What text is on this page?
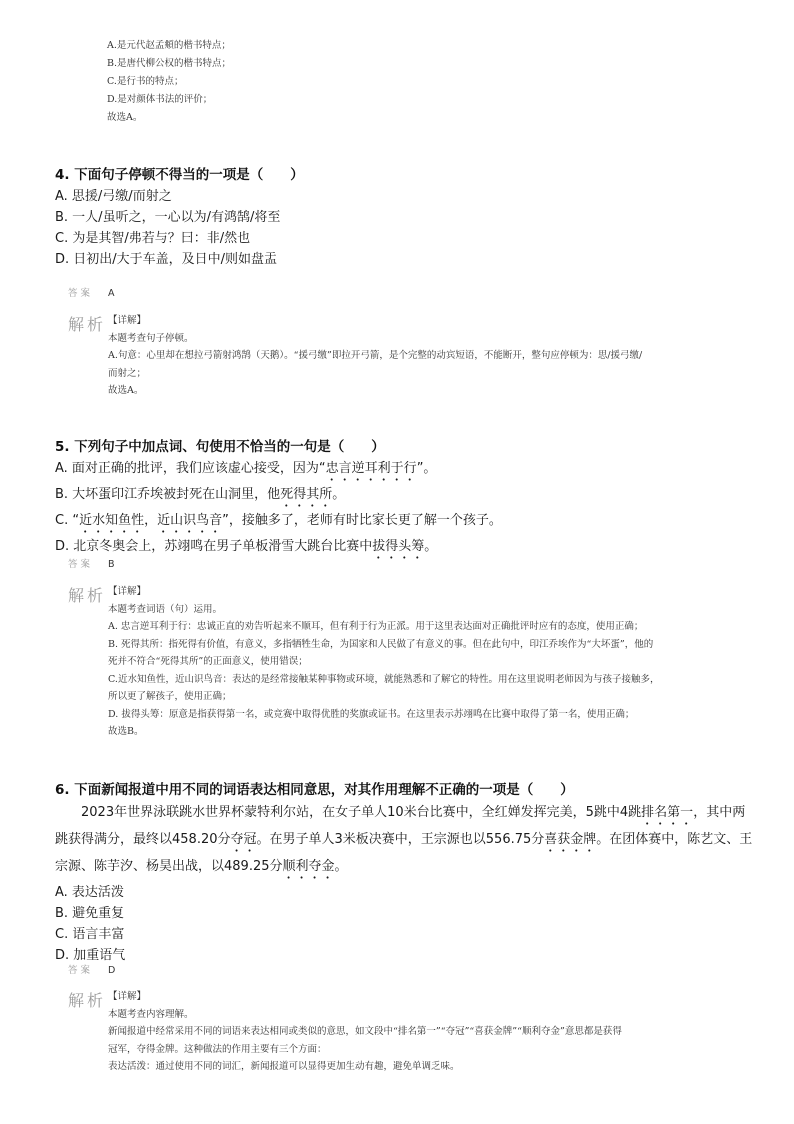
A.是元代赵孟頫的楷书特点；
B.是唐代柳公权的楷书特点；
C.是行书的特点；
D.是对颜体书法的评价；
故选A。
4. 下面句子停顿不得当的一项是（　　）
A. 思援/弓缴/而射之
B. 一人/虽听之，一心以为/有鸿鹄/将至
C. 为是其智/弗若与？曰：非/然也
D. 日初出/大于车盖，及日中/则如盘盂
答案 A
解析 【详解】
本题考查句子停顿。
A.句意：心里却在想拉弓箭射鸿鹄（天鹅）。“援弓缴”即拉开弓箭，是个完整的动宾短语，不能断开，整句应停顿为：思/援弓缴/
而射之；
故选A。
5. 下列句子中加点词、句使用不恰当的一句是（　　）
A. 面对正确的批评，我们应该虚心接受，因为“忠言逆耳利于行”。
B. 大坏蛋印江乔埃被封死在山洞里，他死得其所。
C. “近水知鱼性，近山识鸟音”，接触多了，老师有时比家长更了解一个孩子。
D. 北京冬奥会上，苏翊鸣在男子单板滑雪大跳台比赛中拔得头筹。
答案 B
解析 【详解】
本题考查词语（句）运用。
A. 忠言逆耳利于行：忠诚正直的劝告听起来不顺耳，但有利于行为正派。用于这里表达面对正确批评时应有的态度，使用正确；
B. 死得其所：指死得有价值，有意义，多指牺牲生命，为国家和人民做了有意义的事。但在此句中，印江乔埃作为“大坏蛋”，他的
死并不符合“死得其所”的正面意义，使用错误；
C.近水知鱼性，近山识鸟音：表达的是经常接触某种事物或环境，就能熟悉和了解它的特性。用在这里说明老师因为与孩子接触多，
所以更了解孩子，使用正确；
D. 拔得头筹：原意是指获得第一名，或竞赛中取得优胜的奖旗或证书。在这里表示苏翊鸣在比赛中取得了第一名，使用正确；
故选B。
6. 下面新闻报道中用不同的词语表达相同意思，对其作用理解不正确的一项是（　　）
2023年世界泳联跳水世界杯蒙特利尔站，在女子单人10米台比赛中，全红婵发挥完美，5跳中4跳排名第一，其中两跳获得满分，最终以458.20分夺冠。在男子单人3米板决赛中，王宗源也以556.75分喜获金牌。在团体赛中，陈艺文、王宗源、陈芋汐、杨昊出战，以489.25分顺利夺金。
A. 表达活泼
B. 避免重复
C. 语言丰富
D. 加重语气
答案 D
解析 【详解】
本题考查内容理解。
新闻报道中经常采用不同的词语来表达相同或类似的意思，如文段中“排名第一”“夺冠”“喜获金牌”“顺利夺金”意思都是获得
冠军，夺得金牌。这种做法的作用主要有三个方面：
表达活泼：通过使用不同的词汇，新闻报道可以显得更加生动有趣，避免单调乏味。
